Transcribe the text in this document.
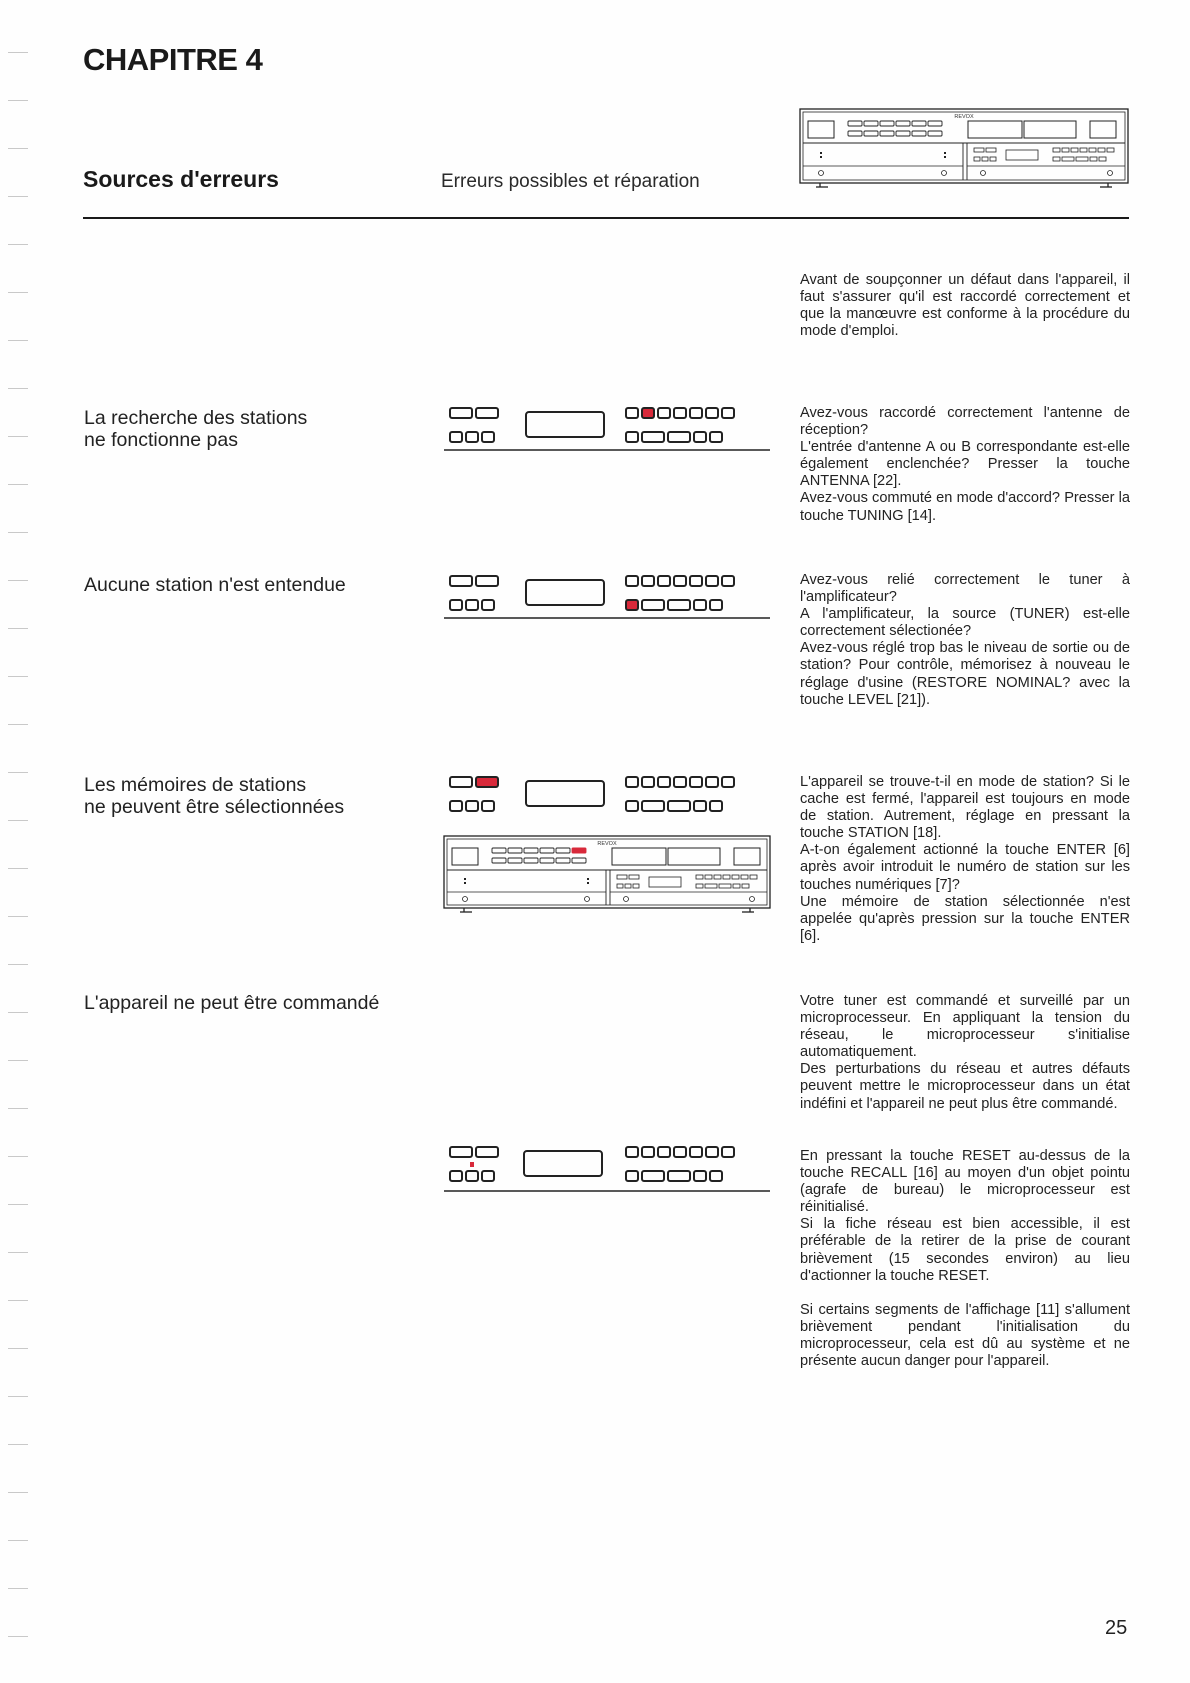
CHAPITRE 4
Sources d'erreurs	Erreurs possibles et réparation
REVOX

Avant de soupçonner un défaut dans l'appareil, il faut s'assurer qu'il est raccordé correctement et que la manœuvre est conforme à la procédure du mode d'emploi.

La recherche des stations
ne fonctionne pas

Avez-vous raccordé correctement l'antenne de réception?

L'entrée d'antenne A ou B correspondante est-elle également enclenchée? Presser la touche ANTENNA [22].

Avez-vous commuté en mode d'accord? Presser la touche TUNING [14].

Aucune station n'est entendue	Avez-vous relié correctement le tuner à l'amplificateur?

A l'amplificateur, la source (TUNER) est-elle correctement sélectionée?

Avez-vous réglé trop bas le niveau de sortie ou de station? Pour contrôle, mémorisez à nouveau le réglage d'usine (RESTORE NOMINAL? avec la touche LEVEL [21]).

Les mémoires de stations
ne peuvent être sélectionnées
REVOX

L'appareil se trouve-t-il en mode de station? Si le cache est fermé, l'appareil est toujours en mode de station. Autrement, réglage en pressant la touche STATION [18].

A-t-on également actionné la touche ENTER [6] après avoir introduit le numéro de station sur les touches numériques [7]?

Une mémoire de station sélectionnée n'est appelée qu'après pression sur la touche ENTER [6].

L'appareil ne peut être commandé	Votre tuner est commandé et surveillé par un microprocesseur. En appliquant la tension du réseau, le microprocesseur s'initialise automatiquement.

Des perturbations du réseau et autres défauts peuvent mettre le microprocesseur dans un état indéfini et l'appareil ne peut plus être commandé.

En pressant la touche RESET au-dessus de la touche RECALL [16] au moyen d'un objet pointu (agrafe de bureau) le microprocesseur est réinitialisé.

Si la fiche réseau est bien accessible, il est préférable de la retirer de la prise de courant brièvement (15 secondes environ) au lieu d'actionner la touche RESET.

Si certains segments de l'affichage [11] s'allument brièvement pendant l'initialisation du microprocesseur, cela est dû au système et ne présente aucun danger pour l'appareil.

25
